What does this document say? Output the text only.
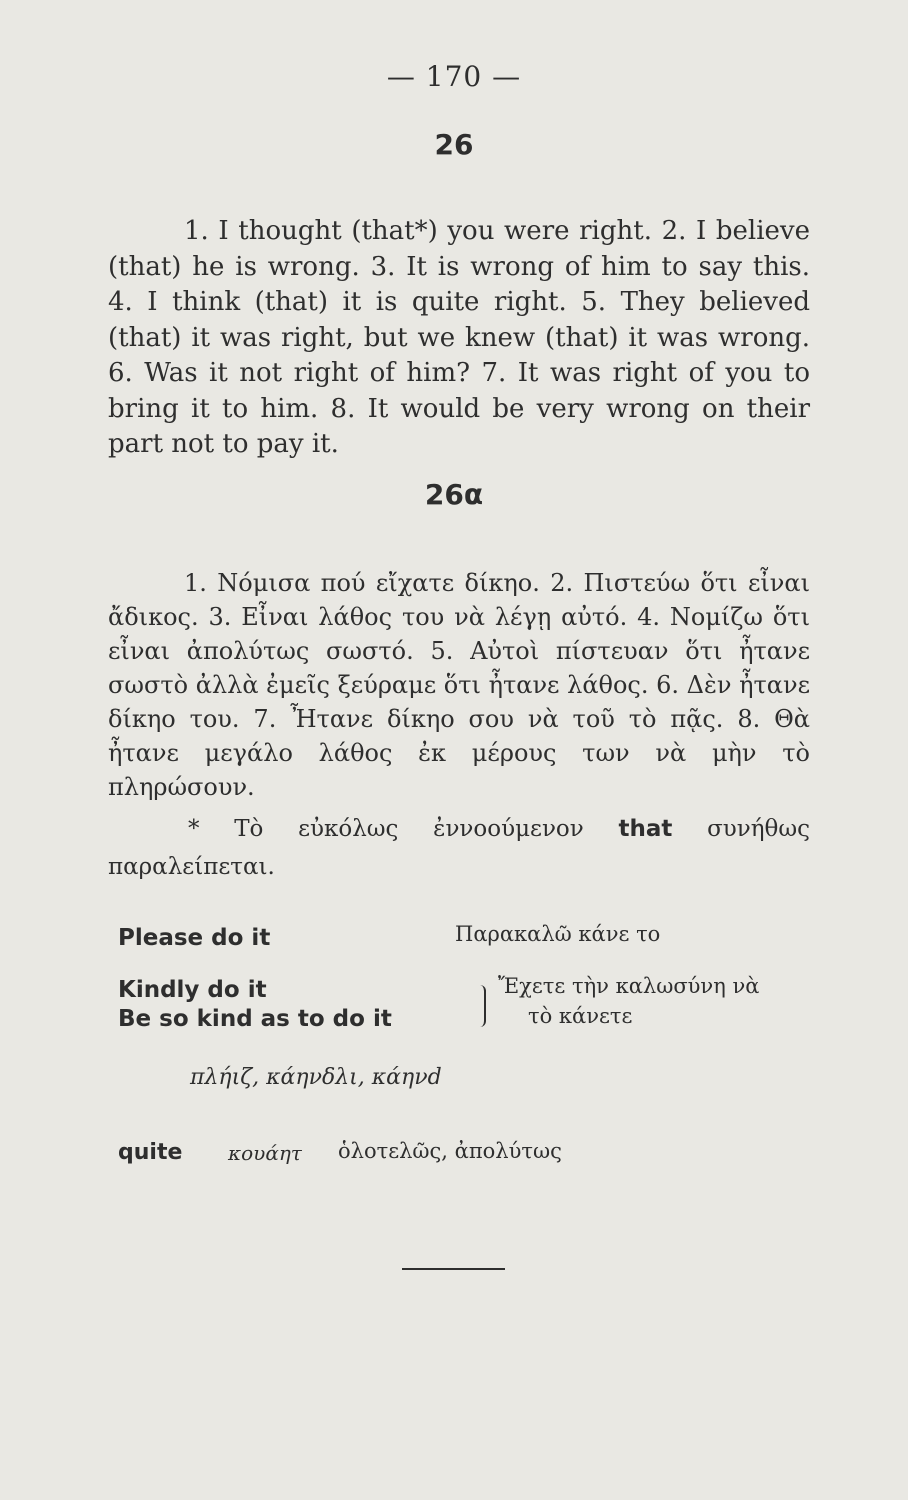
— 170 —
26

1. I thought (that*) you were right. 2. I believe (that) he is wrong. 3. It is wrong of him to say this. 4. I think (that) it is quite right. 5. They believed (that) it was right, but we knew (that) it was wrong. 6. Was it not right of him? 7. It was right of you to bring it to him. 8. It would be very wrong on their part not to pay it.

26α

1. Νόμισα πού εἴχατε δίκηο. 2. Πιστεύω ὅτι εἶναι ἄδικος. 3. Εἶναι λάθος του νὰ λέγῃ αὐτό. 4. Νομίζω ὅτι εἶναι ἀπολύτως σωστό. 5. Αὐτοὶ πίστευαν ὅτι ἦτανε σωστὸ ἀλλὰ ἐμεῖς ξεύραμε ὅτι ἦτανε λάθος. 6. Δὲν ἦτανε δίκηο του. 7. Ἦτανε δίκηο σου νὰ τοῦ τὸ πᾷς. 8. Θὰ ἦτανε μεγάλο λάθος ἐκ μέρους των νὰ μὴν τὸ πληρώσουν.

* Τὸ εὐκόλως ἐννοούμενον that συνήθως παραλείπεται.

Please do it	Παρακαλῶ κάνε το
Kindly do it
Be so kind as to do it
Ἔχετε τὴν καλωσύνη νὰ
τὸ κάνετε
πλήιζ, κάηνδλι, κάηνd
quite κουάητ ὁλοτελῶς, ἀπολύτως
